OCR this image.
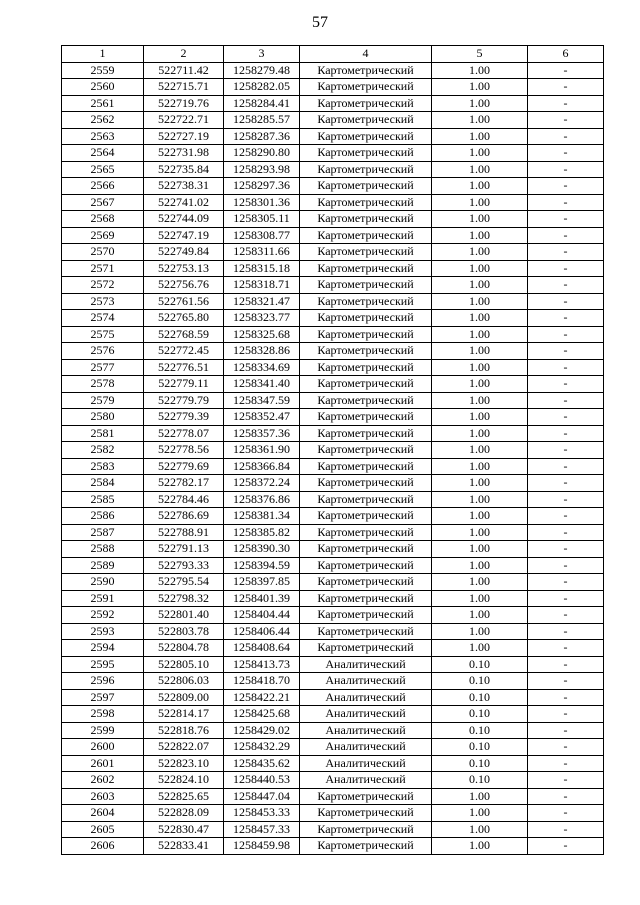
57
1	2	3	4	5	6
2559	522711.42	1258279.48	Картометрический	1.00	-
2560	522715.71	1258282.05	Картометрический	1.00	-
2561	522719.76	1258284.41	Картометрический	1.00	-
2562	522722.71	1258285.57	Картометрический	1.00	-
2563	522727.19	1258287.36	Картометрический	1.00	-
2564	522731.98	1258290.80	Картометрический	1.00	-
2565	522735.84	1258293.98	Картометрический	1.00	-
2566	522738.31	1258297.36	Картометрический	1.00	-
2567	522741.02	1258301.36	Картометрический	1.00	-
2568	522744.09	1258305.11	Картометрический	1.00	-
2569	522747.19	1258308.77	Картометрический	1.00	-
2570	522749.84	1258311.66	Картометрический	1.00	-
2571	522753.13	1258315.18	Картометрический	1.00	-
2572	522756.76	1258318.71	Картометрический	1.00	-
2573	522761.56	1258321.47	Картометрический	1.00	-
2574	522765.80	1258323.77	Картометрический	1.00	-
2575	522768.59	1258325.68	Картометрический	1.00	-
2576	522772.45	1258328.86	Картометрический	1.00	-
2577	522776.51	1258334.69	Картометрический	1.00	-
2578	522779.11	1258341.40	Картометрический	1.00	-
2579	522779.79	1258347.59	Картометрический	1.00	-
2580	522779.39	1258352.47	Картометрический	1.00	-
2581	522778.07	1258357.36	Картометрический	1.00	-
2582	522778.56	1258361.90	Картометрический	1.00	-
2583	522779.69	1258366.84	Картометрический	1.00	-
2584	522782.17	1258372.24	Картометрический	1.00	-
2585	522784.46	1258376.86	Картометрический	1.00	-
2586	522786.69	1258381.34	Картометрический	1.00	-
2587	522788.91	1258385.82	Картометрический	1.00	-
2588	522791.13	1258390.30	Картометрический	1.00	-
2589	522793.33	1258394.59	Картометрический	1.00	-
2590	522795.54	1258397.85	Картометрический	1.00	-
2591	522798.32	1258401.39	Картометрический	1.00	-
2592	522801.40	1258404.44	Картометрический	1.00	-
2593	522803.78	1258406.44	Картометрический	1.00	-
2594	522804.78	1258408.64	Картометрический	1.00	-
2595	522805.10	1258413.73	Аналитический	0.10	-
2596	522806.03	1258418.70	Аналитический	0.10	-
2597	522809.00	1258422.21	Аналитический	0.10	-
2598	522814.17	1258425.68	Аналитический	0.10	-
2599	522818.76	1258429.02	Аналитический	0.10	-
2600	522822.07	1258432.29	Аналитический	0.10	-
2601	522823.10	1258435.62	Аналитический	0.10	-
2602	522824.10	1258440.53	Аналитический	0.10	-
2603	522825.65	1258447.04	Картометрический	1.00	-
2604	522828.09	1258453.33	Картометрический	1.00	-
2605	522830.47	1258457.33	Картометрический	1.00	-
2606	522833.41	1258459.98	Картометрический	1.00	-
